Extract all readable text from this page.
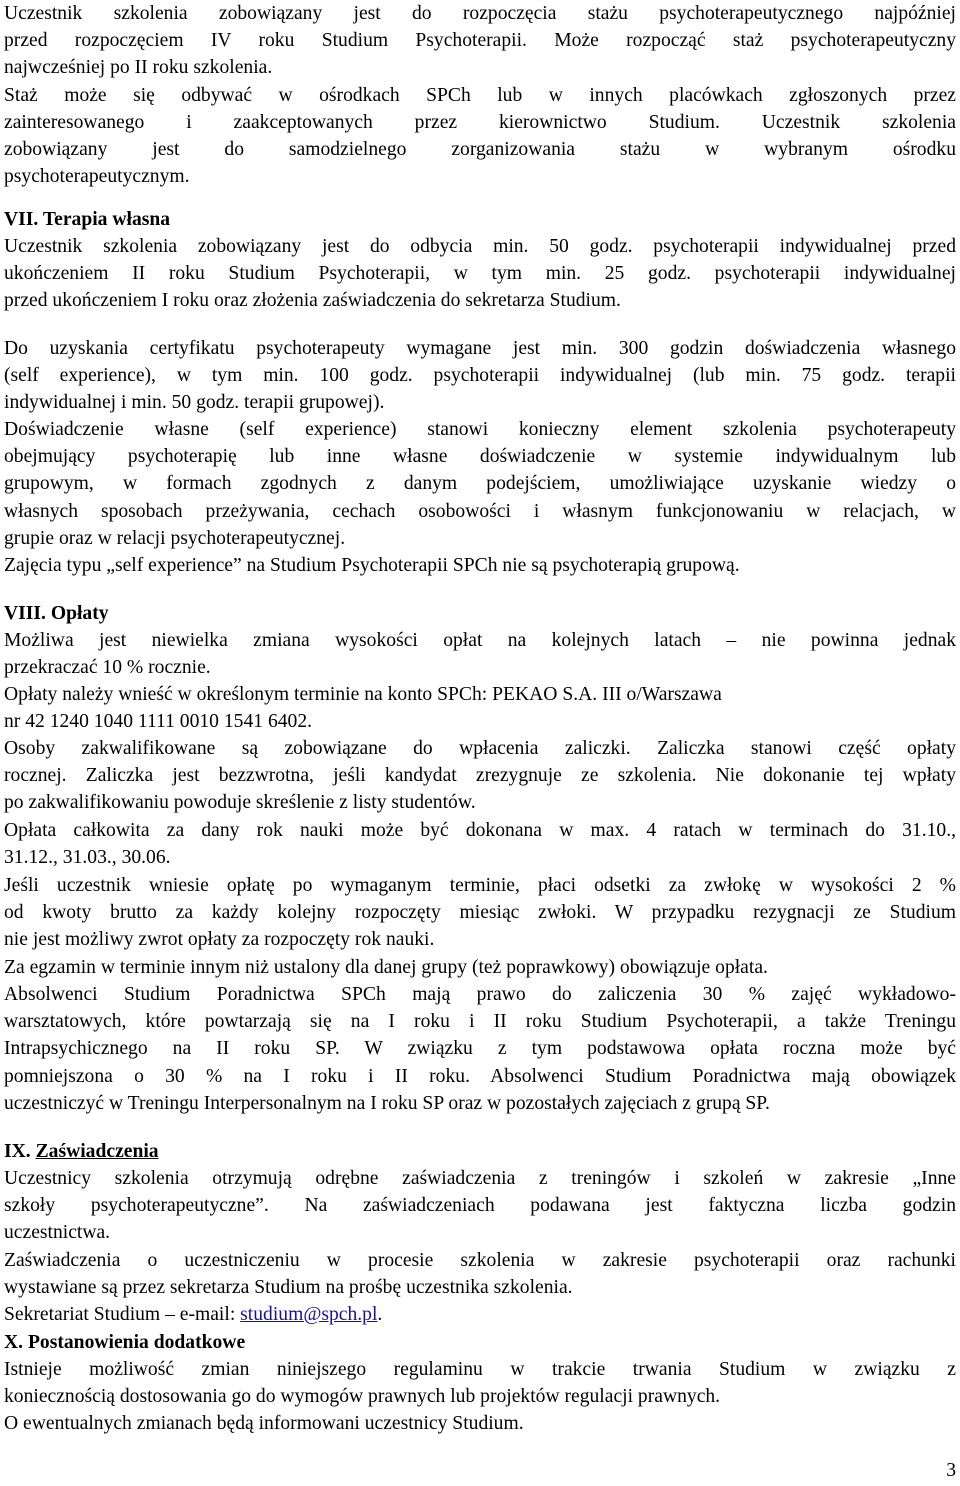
Uczestnik szkolenia zobowiązany jest do rozpoczęcia stażu psychoterapeutycznego najpóźniej
przed rozpoczęciem IV roku Studium Psychoterapii. Może rozpocząć staż psychoterapeutyczny
najwcześniej po II roku szkolenia.
Staż może się odbywać w ośrodkach SPCh lub w innych placówkach zgłoszonych przez
zainteresowanego i zaakceptowanych przez kierownictwo Studium. Uczestnik szkolenia
zobowiązany jest do samodzielnego zorganizowania stażu w wybranym ośrodku
psychoterapeutycznym.
VII. Terapia własna
Uczestnik szkolenia zobowiązany jest do odbycia min. 50 godz. psychoterapii indywidualnej przed
ukończeniem II roku Studium Psychoterapii, w tym min. 25 godz. psychoterapii indywidualnej
przed ukończeniem I roku oraz złożenia zaświadczenia do sekretarza Studium.
Do uzyskania certyfikatu psychoterapeuty wymagane jest min. 300 godzin doświadczenia własnego
(self experience), w tym min. 100 godz. psychoterapii indywidualnej (lub min. 75 godz. terapii
indywidualnej i min. 50 godz. terapii grupowej).
Doświadczenie własne (self experience) stanowi konieczny element szkolenia psychoterapeuty
obejmujący psychoterapię lub inne własne doświadczenie w systemie indywidualnym lub
grupowym, w formach zgodnych z danym podejściem, umożliwiające uzyskanie wiedzy o
własnych sposobach przeżywania, cechach osobowości i własnym funkcjonowaniu w relacjach, w
grupie oraz w relacji psychoterapeutycznej.
Zajęcia typu „self experience” na Studium Psychoterapii SPCh nie są psychoterapią grupową.
VIII. Opłaty
Możliwa jest niewielka zmiana wysokości opłat na kolejnych latach – nie powinna jednak
przekraczać 10 % rocznie.
Opłaty należy wnieść w określonym terminie na konto SPCh: PEKAO S.A. III o/Warszawa
nr 42 1240 1040 1111 0010 1541 6402.
Osoby zakwalifikowane są zobowiązane do wpłacenia zaliczki. Zaliczka stanowi część opłaty
rocznej. Zaliczka jest bezzwrotna, jeśli kandydat zrezygnuje ze szkolenia. Nie dokonanie tej wpłaty
po zakwalifikowaniu powoduje skreślenie z listy studentów.
Opłata całkowita za dany rok nauki może być dokonana w max. 4 ratach w terminach do 31.10.,
31.12., 31.03., 30.06.
Jeśli uczestnik wniesie opłatę po wymaganym terminie, płaci odsetki za zwłokę w wysokości 2 %
od kwoty brutto za każdy kolejny rozpoczęty miesiąc zwłoki. W przypadku rezygnacji ze Studium
nie jest możliwy zwrot opłaty za rozpoczęty rok nauki.
Za egzamin w terminie innym niż ustalony dla danej grupy (też poprawkowy) obowiązuje opłata.
Absolwenci Studium Poradnictwa SPCh mają prawo do zaliczenia 30 % zajęć wykładowo-
warsztatowych, które powtarzają się na I roku i II roku Studium Psychoterapii, a także Treningu
Intrapsychicznego na II roku SP. W związku z tym podstawowa opłata roczna może być
pomniejszona o 30 % na I roku i II roku. Absolwenci Studium Poradnictwa mają obowiązek
uczestniczyć w Treningu Interpersonalnym na I roku SP oraz w pozostałych zajęciach z grupą SP.
IX. Zaświadczenia
Uczestnicy szkolenia otrzymują odrębne zaświadczenia z treningów i szkoleń w zakresie „Inne
szkoły psychoterapeutyczne”. Na zaświadczeniach podawana jest faktyczna liczba godzin
uczestnictwa.
Zaświadczenia o uczestniczeniu w procesie szkolenia w zakresie psychoterapii oraz rachunki
wystawiane są przez sekretarza Studium na prośbę uczestnika szkolenia.
Sekretariat Studium – e-mail: studium@spch.pl.
X. Postanowienia dodatkowe
Istnieje możliwość zmian niniejszego regulaminu w trakcie trwania Studium w związku z
koniecznością dostosowania go do wymogów prawnych lub projektów regulacji prawnych.
O ewentualnych zmianach będą informowani uczestnicy Studium.
3
